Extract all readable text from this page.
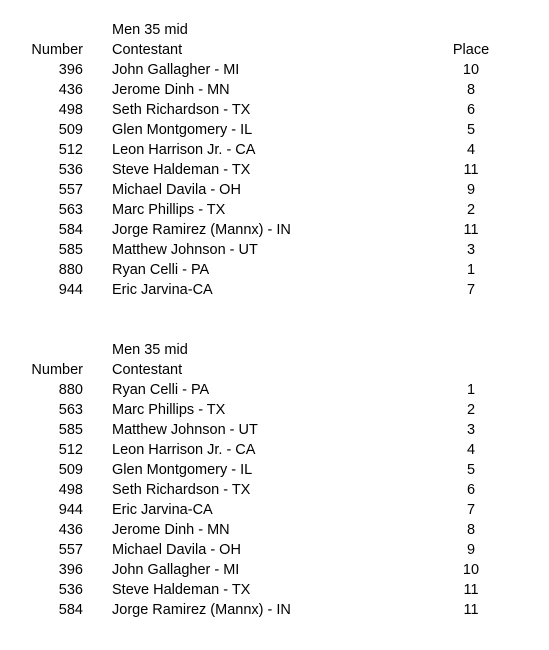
Men 35 mid
Number Contestant	Place
396 John Gallagher - MI	10
436 Jerome Dinh - MN	8
498 Seth Richardson - TX	6
509 Glen Montgomery - IL	5
512 Leon Harrison Jr. - CA	4
536 Steve Haldeman - TX	11
557 Michael Davila - OH	9
563 Marc Phillips - TX	2
584 Jorge Ramirez (Mannx) - IN	11
585 Matthew Johnson - UT	3
880 Ryan Celli - PA	1
944 Eric Jarvina-CA	7
Men 35 mid
Number Contestant
880 Ryan Celli - PA	1
563 Marc Phillips - TX	2
585 Matthew Johnson - UT	3
512 Leon Harrison Jr. - CA	4
509 Glen Montgomery - IL	5
498 Seth Richardson - TX	6
944 Eric Jarvina-CA	7
436 Jerome Dinh - MN	8
557 Michael Davila - OH	9
396 John Gallagher - MI	10
536 Steve Haldeman - TX	11
584 Jorge Ramirez (Mannx) - IN	11
